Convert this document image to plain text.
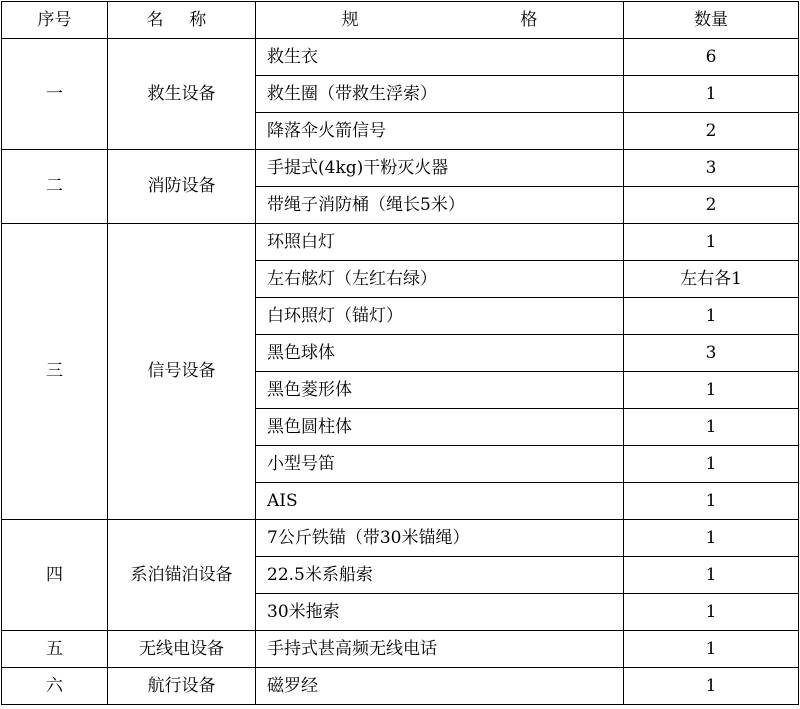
序号	名 称	规 格	数量
一	救生设备	救生衣	6
		救生圈（带救生浮索）	1
		降落伞火箭信号	2
二	消防设备	手提式(4kg)干粉灭火器	3
		带绳子消防桶（绳长5米）	2
三	信号设备	环照白灯	1
		左右舷灯（左红右绿）	左右各1
		白环照灯（锚灯）	1
		黑色球体	3
		黑色菱形体	1
		黑色圆柱体	1
		小型号笛	1
		AIS	1
四	系泊锚泊设备	7公斤铁锚（带30米锚绳）	1
		22.5米系船索	1
		30米拖索	1
五	无线电设备	手持式甚高频无线电话	1
六	航行设备	磁罗经	1
